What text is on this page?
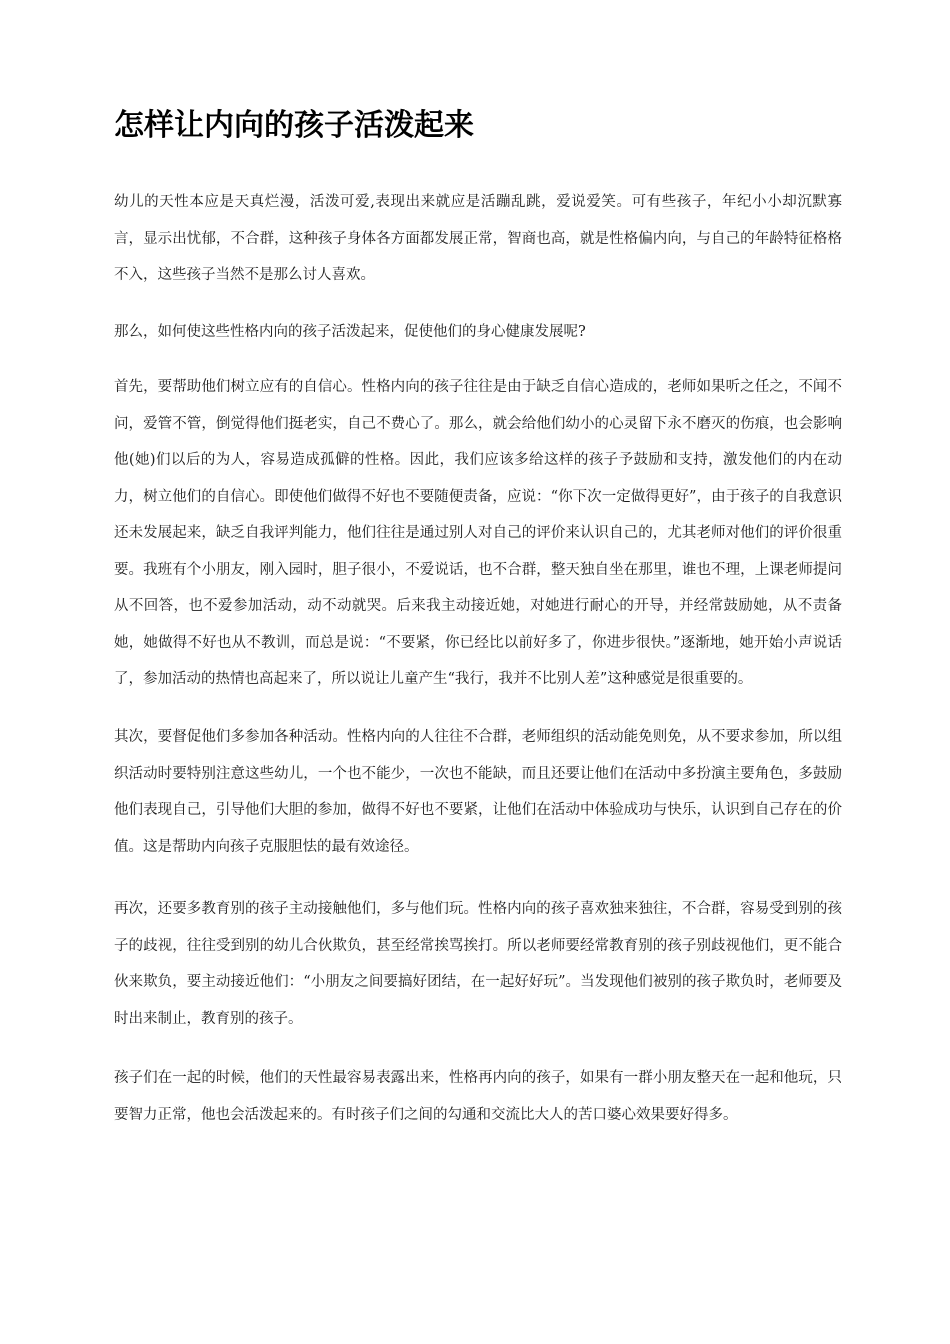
怎样让内向的孩子活泼起来

幼儿的天性本应是天真烂漫，活泼可爱,表现出来就应是活蹦乱跳，爱说爱笑。可有些孩子，年纪小小却沉默寡言，显示出忧郁，不合群，这种孩子身体各方面都发展正常，智商也高，就是性格偏内向，与自己的年龄特征格格不入，这些孩子当然不是那么讨人喜欢。

那么，如何使这些性格内向的孩子活泼起来，促使他们的身心健康发展呢?

首先，要帮助他们树立应有的自信心。性格内向的孩子往往是由于缺乏自信心造成的，老师如果听之任之，不闻不问，爱管不管，倒觉得他们挺老实，自己不费心了。那么，就会给他们幼小的心灵留下永不磨灭的伤痕，也会影响他(她)们以后的为人，容易造成孤僻的性格。因此，我们应该多给这样的孩子予鼓励和支持，激发他们的内在动力，树立他们的自信心。即使他们做得不好也不要随便责备，应说：“你下次一定做得更好”，由于孩子的自我意识还未发展起来，缺乏自我评判能力，他们往往是通过别人对自己的评价来认识自己的，尤其老师对他们的评价很重要。我班有个小朋友，刚入园时，胆子很小，不爱说话，也不合群，整天独自坐在那里，谁也不理，上课老师提问从不回答，也不爱参加活动，动不动就哭。后来我主动接近她，对她进行耐心的开导，并经常鼓励她，从不责备她，她做得不好也从不教训，而总是说：“不要紧，你已经比以前好多了，你进步很快。”逐渐地，她开始小声说话了，参加活动的热情也高起来了，所以说让儿童产生“我行，我并不比别人差”这种感觉是很重要的。

其次，要督促他们多参加各种活动。性格内向的人往往不合群，老师组织的活动能免则免，从不要求参加，所以组织活动时要特别注意这些幼儿，一个也不能少，一次也不能缺，而且还要让他们在活动中多扮演主要角色，多鼓励他们表现自己，引导他们大胆的参加，做得不好也不要紧，让他们在活动中体验成功与快乐，认识到自己存在的价值。这是帮助内向孩子克服胆怯的最有效途径。

再次，还要多教育别的孩子主动接触他们，多与他们玩。性格内向的孩子喜欢独来独往，不合群，容易受到别的孩子的歧视，往往受到别的幼儿合伙欺负，甚至经常挨骂挨打。所以老师要经常教育别的孩子别歧视他们，更不能合伙来欺负，要主动接近他们：“小朋友之间要搞好团结，在一起好好玩”。当发现他们被别的孩子欺负时，老师要及时出来制止，教育别的孩子。

孩子们在一起的时候，他们的天性最容易表露出来，性格再内向的孩子，如果有一群小朋友整天在一起和他玩，只要智力正常，他也会活泼起来的。有时孩子们之间的勾通和交流比大人的苦口婆心效果要好得多。
